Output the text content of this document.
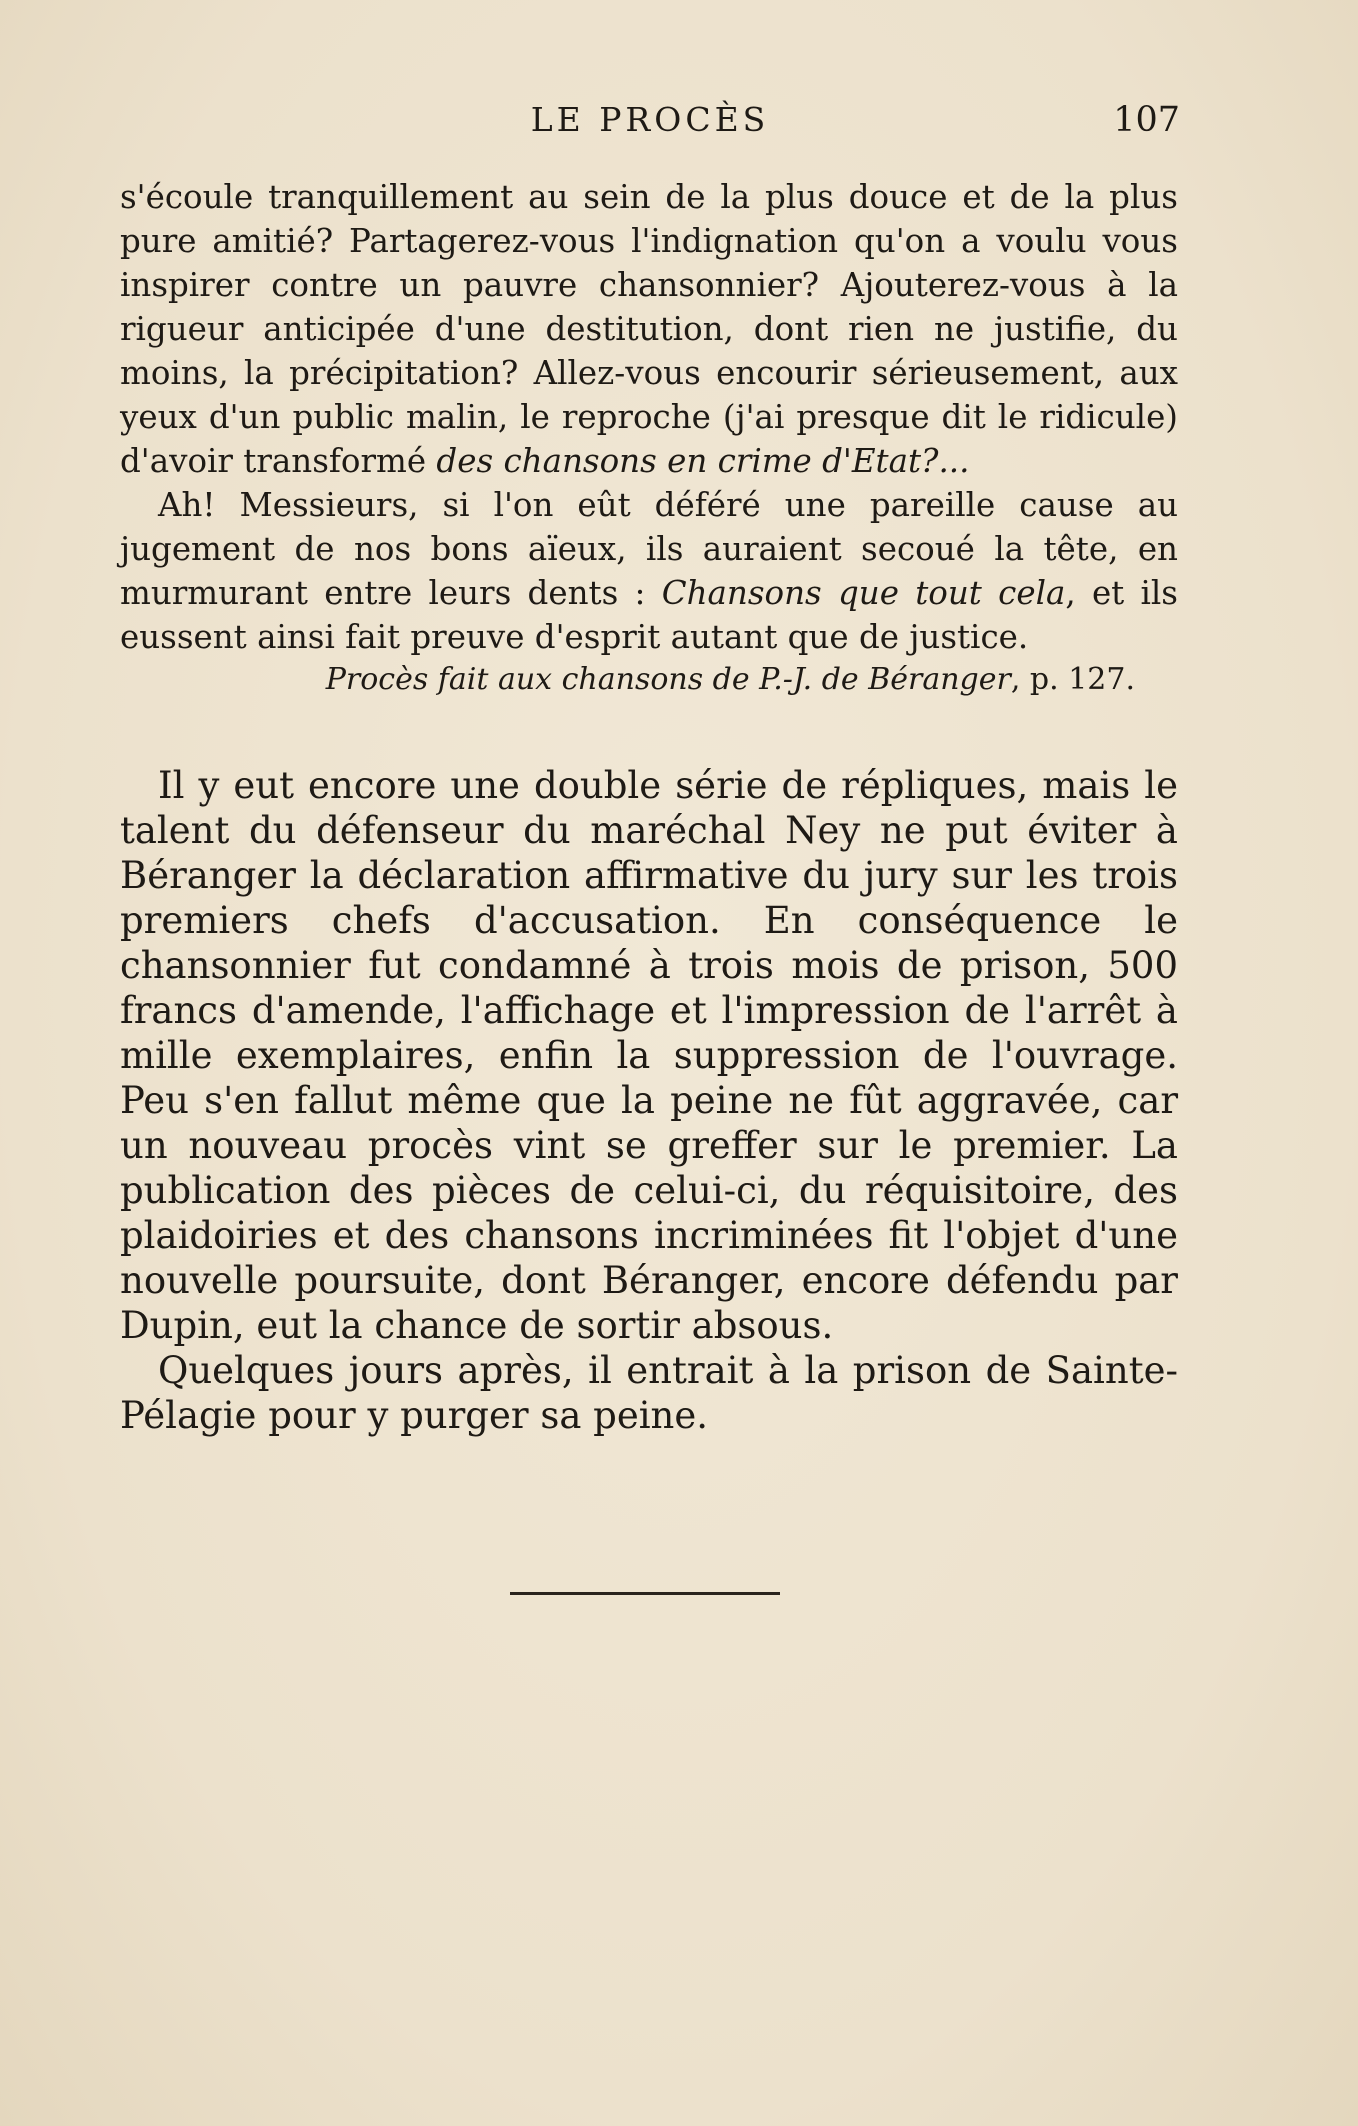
LE PROCÈS	107

s'écoule tranquillement au sein de la plus douce et de la plus pure amitié? Partagerez-vous l'indignation qu'on a voulu vous inspirer contre un pauvre chansonnier? Ajouterez-vous à la rigueur anticipée d'une destitution, dont rien ne justifie, du moins, la précipitation? Allez-vous encourir sérieusement, aux yeux d'un public malin, le reproche (j'ai presque dit le ridicule) d'avoir transformé des chansons en crime d'Etat?...

Ah! Messieurs, si l'on eût déféré une pareille cause au jugement de nos bons aïeux, ils auraient secoué la tête, en murmurant entre leurs dents : Chansons que tout cela, et ils eussent ainsi fait preuve d'esprit autant que de justice.

Procès fait aux chansons de P.-J. de Béranger, p. 127.

Il y eut encore une double série de répliques, mais le talent du défenseur du maréchal Ney ne put éviter à Béranger la déclaration affirmative du jury sur les trois premiers chefs d'accusation. En conséquence le chansonnier fut condamné à trois mois de prison, 500 francs d'amende, l'affichage et l'impression de l'arrêt à mille exemplaires, enfin la suppression de l'ouvrage. Peu s'en fallut même que la peine ne fût aggravée, car un nouveau procès vint se greffer sur le premier. La publication des pièces de celui-ci, du réquisitoire, des plaidoiries et des chansons incriminées fit l'objet d'une nouvelle poursuite, dont Béranger, encore défendu par Dupin, eut la chance de sortir absous.

Quelques jours après, il entrait à la prison de Sainte-Pélagie pour y purger sa peine.
